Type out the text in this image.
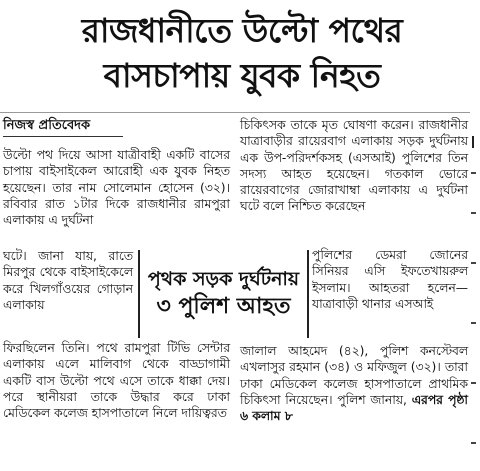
রাজধানীতে উল্টো পথের
বাসচাপায় যুবক নিহত
নিজস্ব প্রতিবেদক
উল্টো পথ দিয়ে আসা যাত্রীবাহী একটি বাসের চাপায় বাইসাইকেল আরোহী এক যুবক নিহত হয়েছেন। তার নাম সোলেমান হোসেন (৩২)। রবিবার রাত ১টার দিকে রাজধানীর রামপুরা এলাকায় এ দুর্ঘটনা
ঘটে। জানা যায়, রাতে মিরপুর থেকে বাইসাইকেলে করে খিলগাঁওয়ের গোড়ান এলাকায়
ফিরছিলেন তিনি। পথে রামপুরা টিভি সেন্টার এলাকায় এলে মালিবাগ থেকে বাড্ডাগামী একটি বাস উল্টো পথে এসে তাকে ধাক্কা দেয়। পরে স্থানীয়রা তাকে উদ্ধার করে ঢাকা মেডিকেল কলেজ হাসপাতালে নিলে দায়িত্বরত
চিকিৎসক তাকে মৃত ঘোষণা করেন। রাজধানীর যাত্রাবাড়ীর রায়েরবাগ এলাকায় সড়ক দুর্ঘটনায় এক উপ-পরিদর্শকসহ (এসআই) পুলিশের তিন সদস্য আহত হয়েছেন। গতকাল ভোরে রায়েরবাগের জোরাখাম্বা এলাকায় এ দুর্ঘটনা ঘটে বলে নিশ্চিত করেছেন
পুলিশের ডেমরা জোনের সিনিয়র এসি ইফতেখায়রুল ইসলাম। আহতরা হলেন— যাত্রাবাড়ী থানার এসআই
জালাল আহমেদ (৪২), পুলিশ কনস্টেবল এখলাসুর রহমান (৩৪) ও মফিজুল (৩২)। তারা ঢাকা মেডিকেল কলেজ হাসপাতালে প্রাথমিক চিকিৎসা নিয়েছেন। পুলিশ জানায়, এরপর পৃষ্ঠা ৬ কলাম ৮
পৃথক সড়ক দুর্ঘটনায়
৩ পুলিশ আহত
